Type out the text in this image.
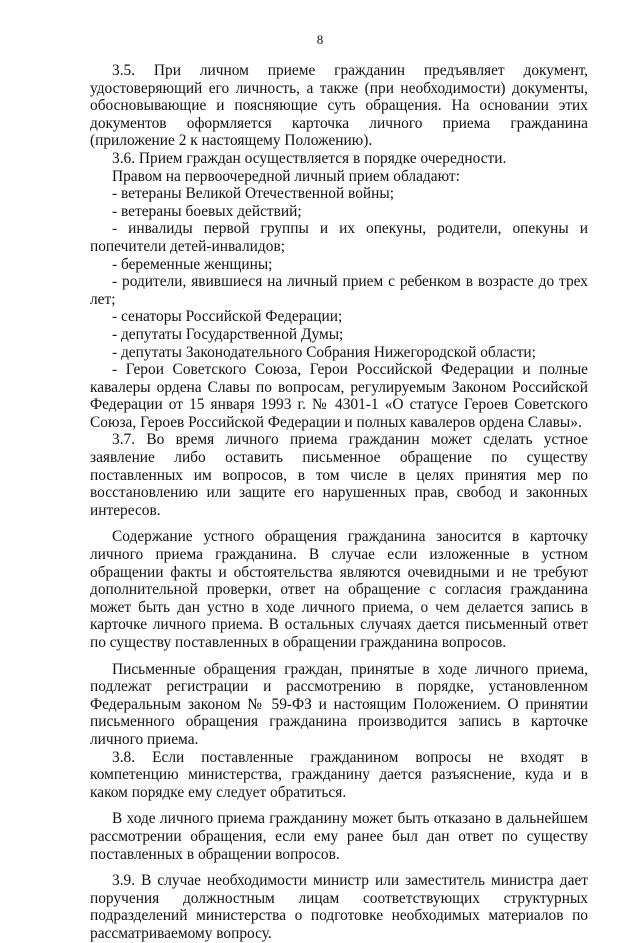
8

3.5. При личном приеме гражданин предъявляет документ, удостоверяющий его личность, а также (при необходимости) документы, обосновывающие и поясняющие суть обращения. На основании этих документов оформляется карточка личного приема гражданина (приложение 2 к настоящему Положению).

3.6. Прием граждан осуществляется в порядке очередности.

Правом на первоочередной личный прием обладают:

- ветераны Великой Отечественной войны;

- ветераны боевых действий;

- инвалиды первой группы и их опекуны, родители, опекуны и попечители детей-инвалидов;

- беременные женщины;

- родители, явившиеся на личный прием с ребенком в возрасте до трех лет;

- сенаторы Российской Федерации;

- депутаты Государственной Думы;

- депутаты Законодательного Собрания Нижегородской области;

- Герои Советского Союза, Герои Российской Федерации и полные кавалеры ордена Славы по вопросам, регулируемым Законом Российской Федерации от 15 января 1993 г. № 4301-1 «О статусе Героев Советского Союза, Героев Российской Федерации и полных кавалеров ордена Славы».

3.7. Во время личного приема гражданин может сделать устное заявление либо оставить письменное обращение по существу поставленных им вопросов, в том числе в целях принятия мер по восстановлению или защите его нарушенных прав, свобод и законных интересов.

Содержание устного обращения гражданина заносится в карточку личного приема гражданина. В случае если изложенные в устном обращении факты и обстоятельства являются очевидными и не требуют дополнительной проверки, ответ на обращение с согласия гражданина может быть дан устно в ходе личного приема, о чем делается запись в карточке личного приема. В остальных случаях дается письменный ответ по существу поставленных в обращении гражданина вопросов.

Письменные обращения граждан, принятые в ходе личного приема, подлежат регистрации и рассмотрению в порядке, установленном Федеральным законом № 59-ФЗ и настоящим Положением. О принятии письменного обращения гражданина производится запись в карточке личного приема.

3.8. Если поставленные гражданином вопросы не входят в компетенцию министерства, гражданину дается разъяснение, куда и в каком порядке ему следует обратиться.

В ходе личного приема гражданину может быть отказано в дальнейшем рассмотрении обращения, если ему ранее был дан ответ по существу поставленных в обращении вопросов.

3.9. В случае необходимости министр или заместитель министра дает поручения должностным лицам соответствующих структурных подразделений министерства о подготовке необходимых материалов по рассматриваемому вопросу.
